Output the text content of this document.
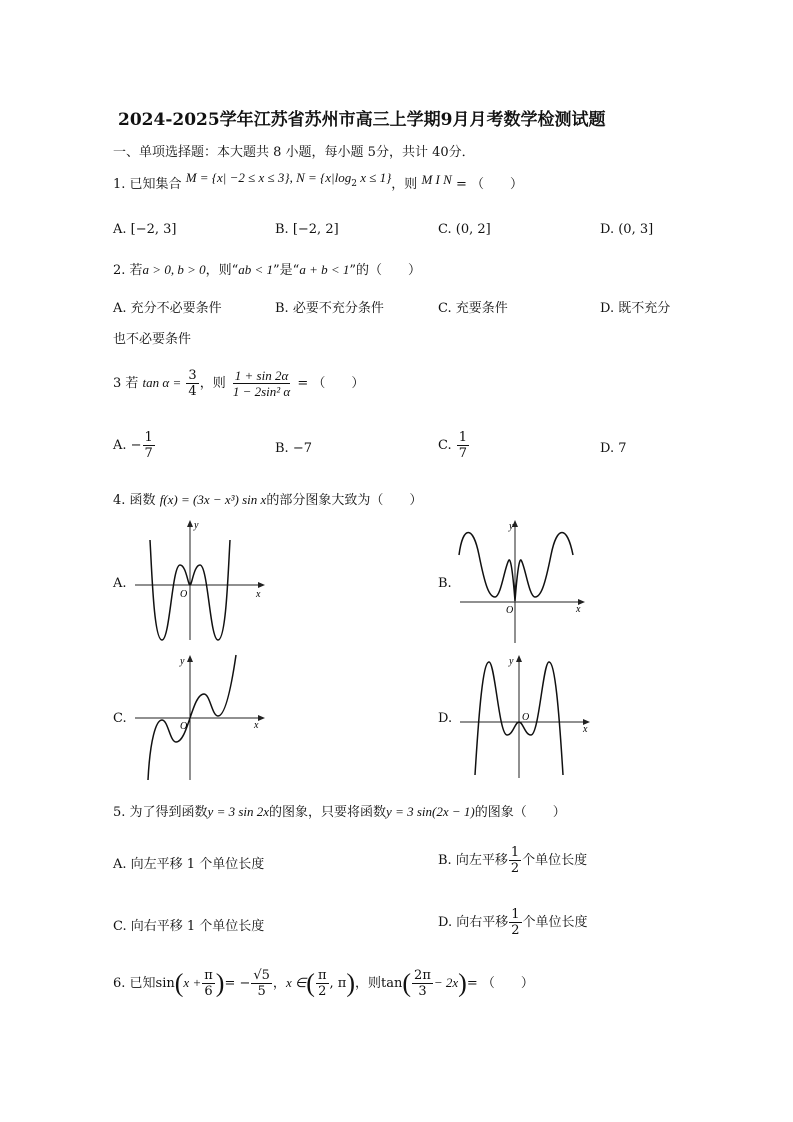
2024-2025学年江苏省苏州市高三上学期9月月考数学检测试题
一、单项选择题：本大题共 8 小题，每小题 5分，共计 40分．
1. 已知集合 M = {x| −2 ≤ x ≤ 3}, $N = \{x|\log_2$ x ≤ 1}，则 M I N = （　　）
A. [−2, 3]	B. [−2, 2]	C. (0, 2]	D. (0, 3]
2. 若a > 0, b > 0，则“ab < 1”是“a + b < 1”的（　　）
A. 充分不必要条件	B. 必要不充分条件	C. 充要条件	D. 既不充分
也不必要条件
3 若 $\tan \alpha = \frac{3}{4}$ ，则 $\frac{1 + \sin 2\alpha}{\text{1 − 2sin² α}}$ = （　　）
A. − $\frac{1}{7}$	B. −7	C. $\frac{1}{7}$	D. 7
4. 函数 f(x) = (3x − x³) sin x的部分图象大致为（　　）
A.	B.
C.	D.
y
x
O
y
x
O
y
x
O
y
x
O
5. 为了得到函数y = 3 sin 2x的图象，只要将函数y = 3 sin(2x − 1)的图象（　　）
A. 向左平移 1 个单位长度	B. 向左平移 $\frac{1}{2}$ 个单位长度
C. 向右平移 1 个单位长度	D. 向右平移 $\frac{1}{2}$ 个单位长度
6. 已知$\sin(x + \frac{\pi}{6}$ )= − $\frac{√5}{5}$ ，x ∈( $\frac{\pi}{2}$ , π)，则$\tan( \frac{2\pi}{3} - 2x)=$ （　　）
